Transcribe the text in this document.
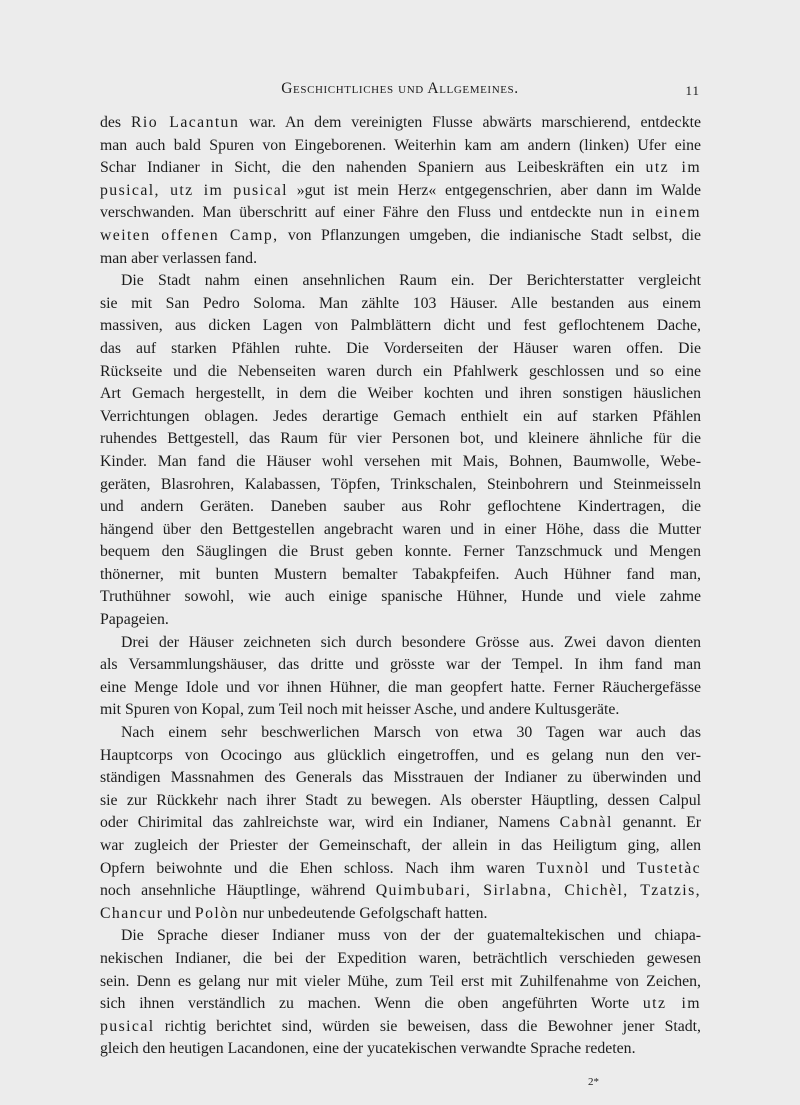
Geschichtliches und Allgemeines.	11
des Rio Lacantun war. An dem vereinigten Flusse abwärts marschierend, entdeckte
man auch bald Spuren von Eingeborenen. Weiterhin kam am andern (linken) Ufer eine
Schar Indianer in Sicht, die den nahenden Spaniern aus Leibeskräften ein utz im
pusical, utz im pusical »gut ist mein Herz« entgegenschrien, aber dann im Walde
verschwanden. Man überschritt auf einer Fähre den Fluss und entdeckte nun in einem
weiten offenen Camp, von Pflanzungen umgeben, die indianische Stadt selbst, die
man aber verlassen fand.
Die Stadt nahm einen ansehnlichen Raum ein. Der Berichterstatter vergleicht
sie mit San Pedro Soloma. Man zählte 103 Häuser. Alle bestanden aus einem
massiven, aus dicken Lagen von Palmblättern dicht und fest geflochtenem Dache,
das auf starken Pfählen ruhte. Die Vorderseiten der Häuser waren offen. Die
Rückseite und die Nebenseiten waren durch ein Pfahlwerk geschlossen und so eine
Art Gemach hergestellt, in dem die Weiber kochten und ihren sonstigen häuslichen
Verrichtungen oblagen. Jedes derartige Gemach enthielt ein auf starken Pfählen
ruhendes Bettgestell, das Raum für vier Personen bot, und kleinere ähnliche für die
Kinder. Man fand die Häuser wohl versehen mit Mais, Bohnen, Baumwolle, Webe-
geräten, Blasrohren, Kalabassen, Töpfen, Trinkschalen, Steinbohrern und Steinmeisseln
und andern Geräten. Daneben sauber aus Rohr geflochtene Kindertragen, die
hängend über den Bettgestellen angebracht waren und in einer Höhe, dass die Mutter
bequem den Säuglingen die Brust geben konnte. Ferner Tanzschmuck und Mengen
thönerner, mit bunten Mustern bemalter Tabakpfeifen. Auch Hühner fand man,
Truthühner sowohl, wie auch einige spanische Hühner, Hunde und viele zahme
Papageien.
Drei der Häuser zeichneten sich durch besondere Grösse aus. Zwei davon dienten
als Versammlungshäuser, das dritte und grösste war der Tempel. In ihm fand man
eine Menge Idole und vor ihnen Hühner, die man geopfert hatte. Ferner Räuchergefässe
mit Spuren von Kopal, zum Teil noch mit heisser Asche, und andere Kultusgeräte.
Nach einem sehr beschwerlichen Marsch von etwa 30 Tagen war auch das
Hauptcorps von Ococingo aus glücklich eingetroffen, und es gelang nun den ver-
ständigen Massnahmen des Generals das Misstrauen der Indianer zu überwinden und
sie zur Rückkehr nach ihrer Stadt zu bewegen. Als oberster Häuptling, dessen Calpul
oder Chirimital das zahlreichste war, wird ein Indianer, Namens Cabnàl genannt. Er
war zugleich der Priester der Gemeinschaft, der allein in das Heiligtum ging, allen
Opfern beiwohnte und die Ehen schloss. Nach ihm waren Tuxnòl und Tustetàc
noch ansehnliche Häuptlinge, während Quimbubari, Sirlabna, Chichèl, Tzatzis,
Chancur und Polòn nur unbedeutende Gefolgschaft hatten.
Die Sprache dieser Indianer muss von der der guatemaltekischen und chiapa-
nekischen Indianer, die bei der Expedition waren, beträchtlich verschieden gewesen
sein. Denn es gelang nur mit vieler Mühe, zum Teil erst mit Zuhilfenahme von Zeichen,
sich ihnen verständlich zu machen. Wenn die oben angeführten Worte utz im
pusical richtig berichtet sind, würden sie beweisen, dass die Bewohner jener Stadt,
gleich den heutigen Lacandonen, eine der yucatekischen verwandte Sprache redeten.
2*
